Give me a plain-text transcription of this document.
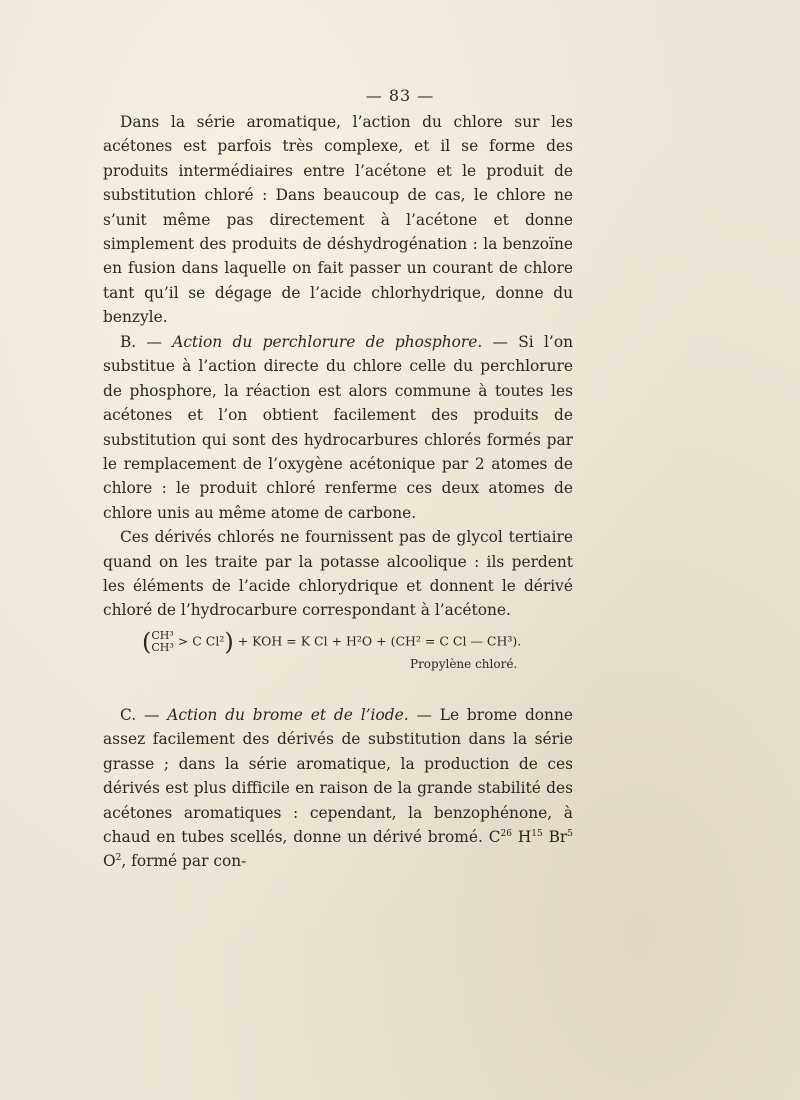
— 83 —

Dans la série aromatique, l’action du chlore sur les acétones est parfois très complexe, et il se forme des produits intermédiaires entre l’acétone et le produit de substitution chloré : Dans beaucoup de cas, le chlore ne s’unit même pas directement à l’acétone et donne simplement des produits de déshydrogénation : la benzoïne en fusion dans laquelle on fait passer un courant de chlore tant qu’il se dégage de l’acide chlorhydrique, donne du benzyle.

B. — Action du perchlorure de phosphore. — Si l’on substitue à l’action directe du chlore celle du perchlorure de phosphore, la réaction est alors commune à toutes les acétones et l’on obtient facilement des produits de substitution qui sont des hydrocarbures chlorés formés par le remplacement de l’oxygène acétonique par 2 atomes de chlore : le produit chloré renferme ces deux atomes de chlore unis au même atome de carbone.

Ces dérivés chlorés ne fournissent pas de glycol tertiaire quand on les traite par la potasse alcoolique : ils perdent les éléments de l’acide chlorydrique et donnent le dérivé chloré de l’hydrocarbure correspondant à l’acétone.

(CH³
CH³ > C Cl²) + KOH = K Cl + H²O + (CH² = C Cl — CH³).
Propylène chloré.

C. — Action du brome et de l’iode. — Le brome donne assez facilement des dérivés de substitution dans la série grasse ; dans la série aromatique, la production de ces dérivés est plus difficile en raison de la grande stabilité des acétones aromatiques : cependant, la benzophénone, à chaud en tubes scellés, donne un dérivé bromé. $C^{26}$ $H^{15}$ Br$^5$ $O^2$, formé par con-
